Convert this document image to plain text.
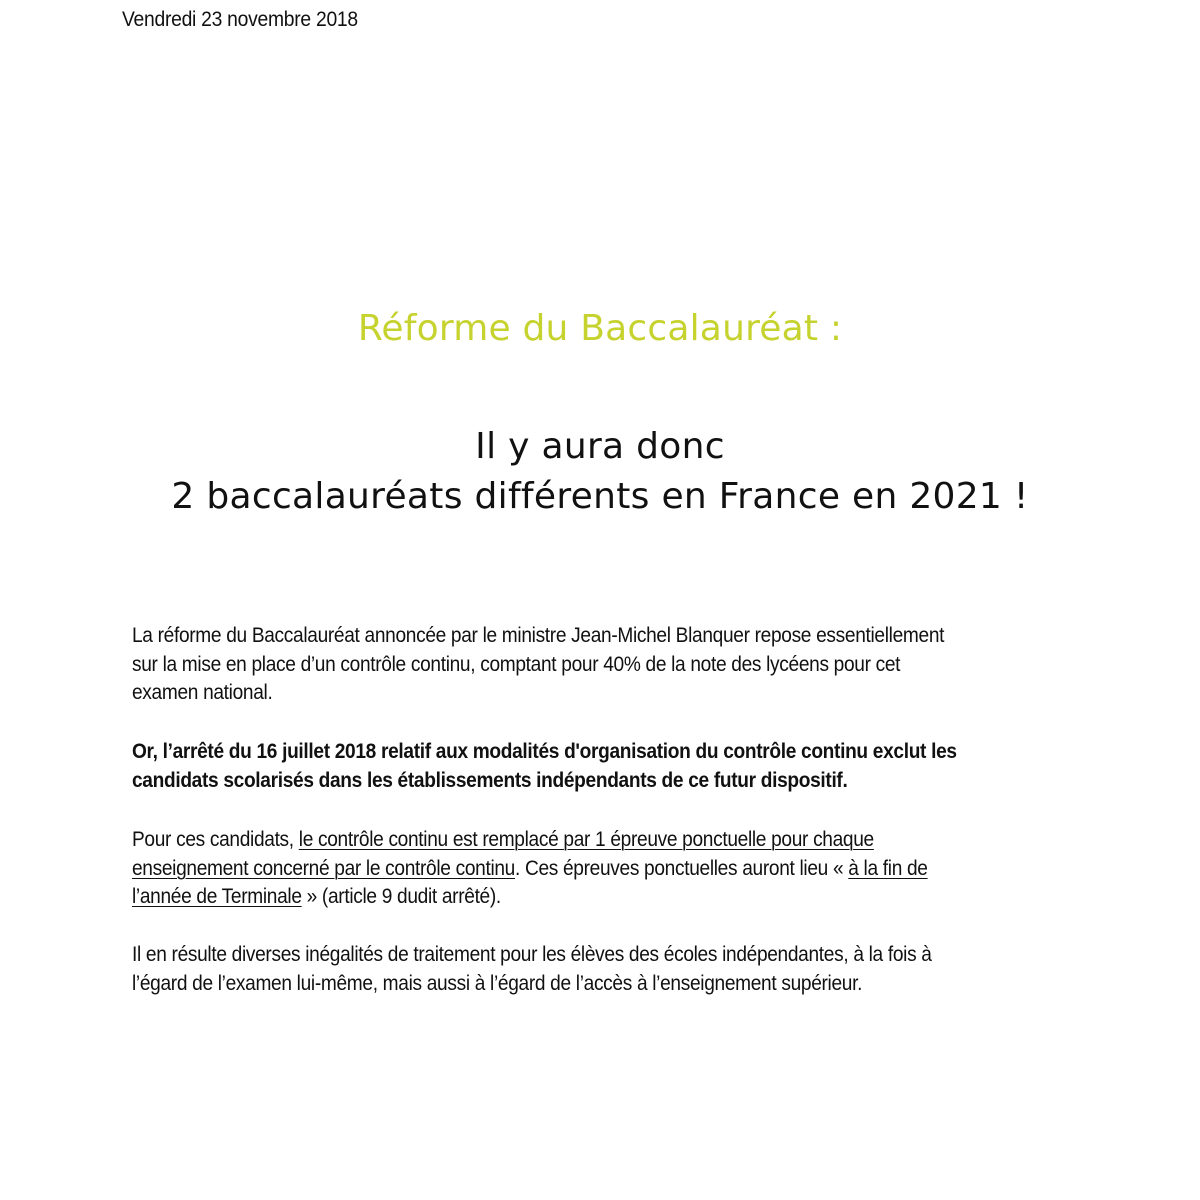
Vendredi 23 novembre 2018
Réforme du Baccalauréat :
Il y aura donc
2 baccalauréats différents en France en 2021 !

La réforme du Baccalauréat annoncée par le ministre Jean-Michel Blanquer repose essentiellement
sur la mise en place d’un contrôle continu, comptant pour 40% de la note des lycéens pour cet
examen national.

Or, l’arrêté du 16 juillet 2018 relatif aux modalités d'organisation du contrôle continu exclut les
candidats scolarisés dans les établissements indépendants de ce futur dispositif.

Pour ces candidats, le contrôle continu est remplacé par 1 épreuve ponctuelle pour chaque
enseignement concerné par le contrôle continu. Ces épreuves ponctuelles auront lieu « à la fin de
l’année de Terminale » (article 9 dudit arrêté).

Il en résulte diverses inégalités de traitement pour les élèves des écoles indépendantes, à la fois à
l’égard de l’examen lui-même, mais aussi à l’égard de l’accès à l’enseignement supérieur.
